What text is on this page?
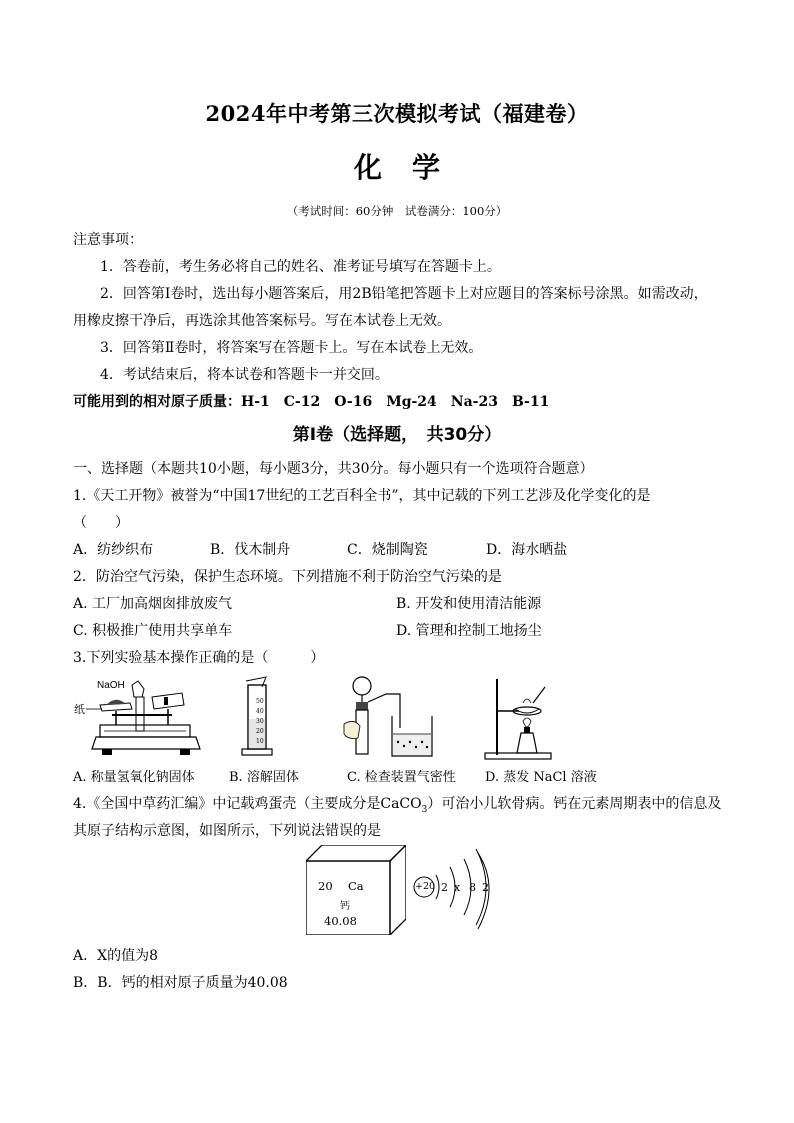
2024年中考第三次模拟考试（福建卷）
化学
（考试时间：60分钟　试卷满分：100分）
注意事项：
1．答卷前，考生务必将自己的姓名、准考证号填写在答题卡上。
2．回答第Ⅰ卷时，选出每小题答案后，用2B铅笔把答题卡上对应题目的答案标号涂黑。如需改动，
用橡皮擦干净后，再选涂其他答案标号。写在本试卷上无效。
3．回答第Ⅱ卷时，将答案写在答题卡上。写在本试卷上无效。
4．考试结束后，将本试卷和答题卡一并交回。
可能用到的相对原子质量：H-1　C-12　O-16　Mg-24　Na-23　B-11
第Ⅰ卷（选择题，　共30分）
一、选择题（本题共10小题，每小题3分，共30分。每小题只有一个选项符合题意）
1.《天工开物》被誉为“中国17世纪的工艺百科全书”，其中记载的下列工艺涉及化学变化的是
（　　）
A．纺纱织布	B．伐木制舟	C．烧制陶瓷	D．海水晒盐
2．防治空气污染，保护生态环境。下列措施不利于防治空气污染的是
A. 工厂加高烟囱排放废气	B. 开发和使用清洁能源
C. 积极推广使用共享单车	D. 管理和控制工地扬尘
3.下列实验基本操作正确的是（　　　）
NaOH
纸
50
40
30
20
10
A. 称量氢氧化钠固体	B. 溶解固体	C. 检查装置气密性 D. 蒸发 NaCl 溶液
4.《全国中草药汇编》中记载鸡蛋壳（主要成分是CaCO$_3$）可治小儿软骨病。钙在元素周期表中的信息及
其原子结构示意图，如图所示，下列说法错误的是
20 Ca
钙
40.08
+20 2 x 8 2
A．X的值为8
B．B．钙的相对原子质量为40.08
